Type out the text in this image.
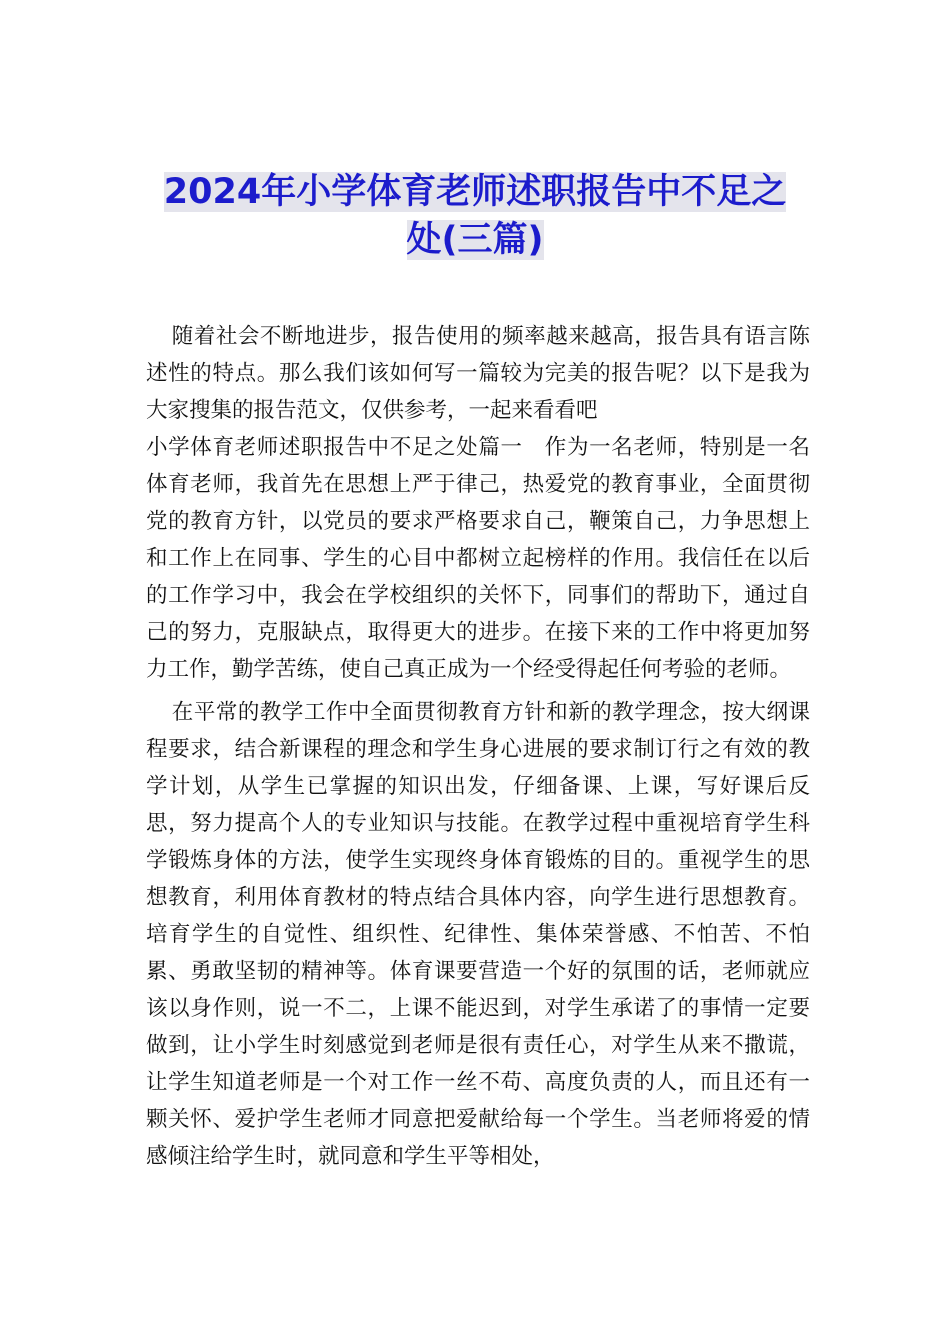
2024年小学体育老师述职报告中不足之
处(三篇)

随着社会不断地进步，报告使用的频率越来越高，报告具有语言陈述性的特点。那么我们该如何写一篇较为完美的报告呢？以下是我为大家搜集的报告范文，仅供参考，一起来看看吧

小学体育老师述职报告中不足之处篇一　作为一名老师，特别是一名体育老师，我首先在思想上严于律己，热爱党的教育事业，全面贯彻党的教育方针，以党员的要求严格要求自己，鞭策自己，力争思想上和工作上在同事、学生的心目中都树立起榜样的作用。我信任在以后的工作学习中，我会在学校组织的关怀下，同事们的帮助下，通过自己的努力，克服缺点，取得更大的进步。在接下来的工作中将更加努力工作，勤学苦练，使自己真正成为一个经受得起任何考验的老师。

在平常的教学工作中全面贯彻教育方针和新的教学理念，按大纲课程要求，结合新课程的理念和学生身心进展的要求制订行之有效的教学计划，从学生已掌握的知识出发，仔细备课、上课，写好课后反思，努力提高个人的专业知识与技能。在教学过程中重视培育学生科学锻炼身体的方法，使学生实现终身体育锻炼的目的。重视学生的思想教育，利用体育教材的特点结合具体内容，向学生进行思想教育。培育学生的自觉性、组织性、纪律性、集体荣誉感、不怕苦、不怕累、勇敢坚韧的精神等。体育课要营造一个好的氛围的话，老师就应该以身作则，说一不二，上课不能迟到，对学生承诺了的事情一定要做到，让小学生时刻感觉到老师是很有责任心，对学生从来不撒谎，让学生知道老师是一个对工作一丝不苟、高度负责的人，而且还有一颗关怀、爱护学生老师才同意把爱献给每一个学生。当老师将爱的情感倾注给学生时，就同意和学生平等相处，
